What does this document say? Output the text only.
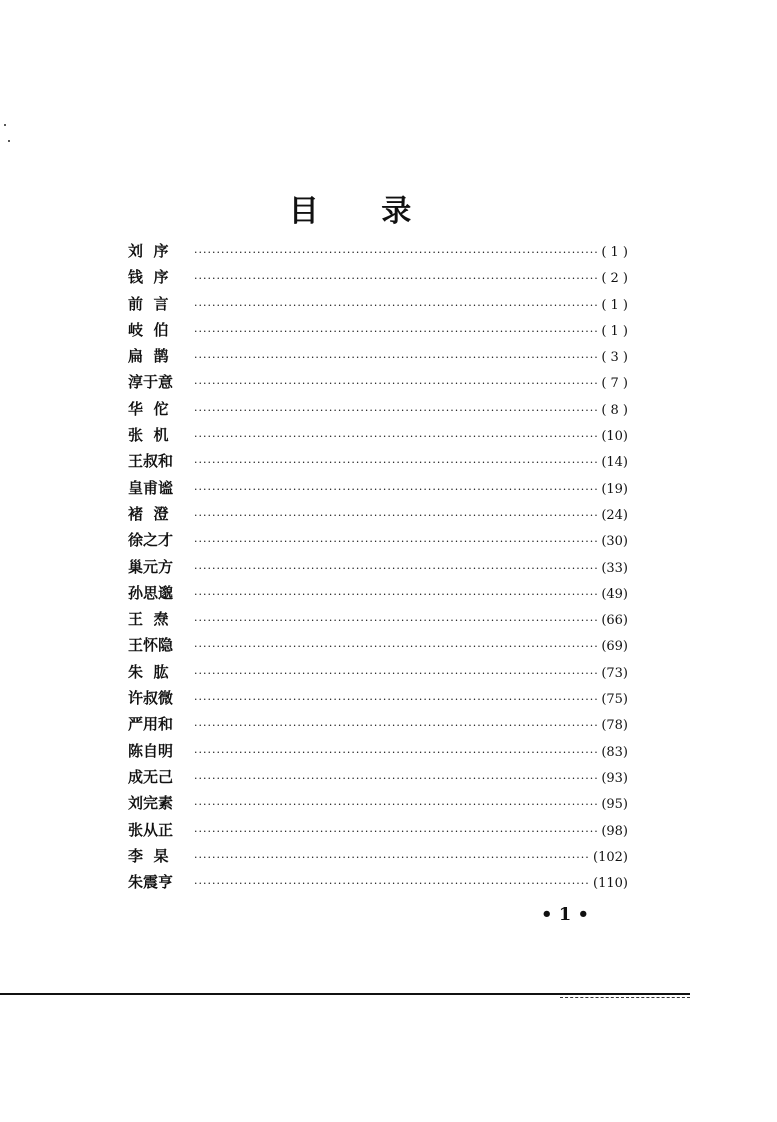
目 录
刘  序 ·····	( 1 )
钱  序 ·····	( 2 )
前  言 ·····	( 1 )
岐  伯 ·····	( 1 )
扁  鹊 ·····	( 3 )
淳于意 ·····	( 7 )
华  佗 ·····	( 8 )
张  机 ·····	(10)
王叔和 ·····	(14)
皇甫谧 ·····	(19)
褚  澄 ·····	(24)
徐之才 ·····	(30)
巢元方 ·····	(33)
孙思邈 ·····	(49)
王  焘 ·····	(66)
王怀隐 ·····	(69)
朱  肱 ·····	(73)
许叔微 ·····	(75)
严用和 ·····	(78)
陈自明 ·····	(83)
成无己 ·····	(93)
刘完素 ·····	(95)
张从正 ·····	(98)
李  杲 ·····	(102)
朱震亨 ·····	(110)
• 1 •
